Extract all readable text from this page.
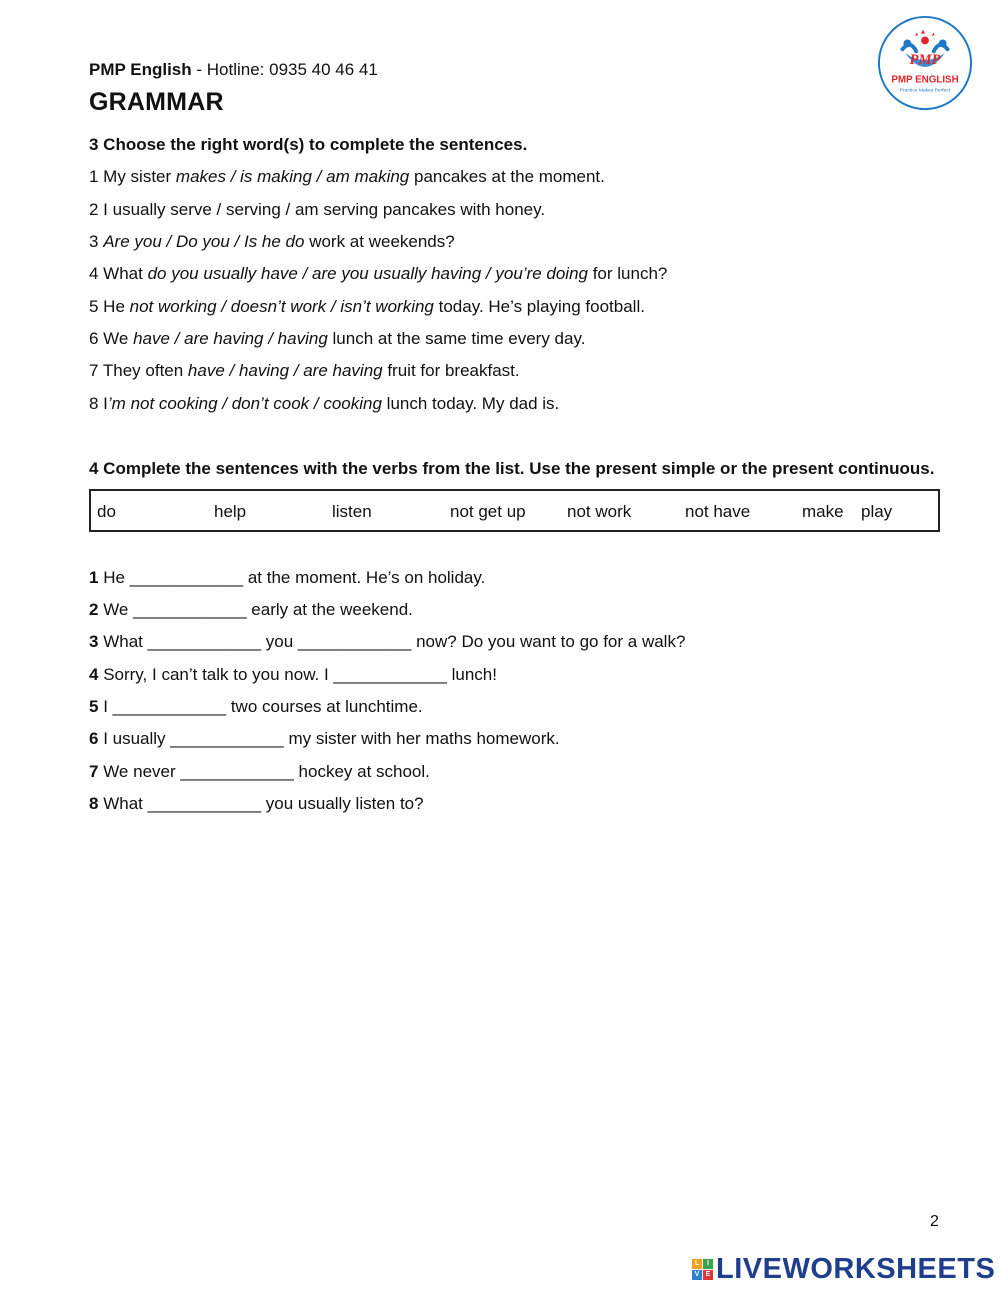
PMP English - Hotline: 0935 40 46 41
GRAMMAR
PMP
PMP ENGLISH
Practice Makes Perfect
3 Choose the right word(s) to complete the sentences.
1 My sister makes / is making / am making pancakes at the moment.
2 I usually serve / serving / am serving pancakes with honey.
3 Are you / Do you / Is he do work at weekends?
4 What do you usually have / are you usually having / you’re doing for lunch?
5 He not working / doesn’t work / isn’t working today. He’s playing football.
6 We have / are having / having lunch at the same time every day.
7 They often have / having / are having fruit for breakfast.
8 I’m not cooking / don’t cook / cooking lunch today. My dad is.
4 Complete the sentences with the verbs from the list. Use the present simple or the present continuous.
do	help	listen	not get up not work	not have	make play
1 He ____________ at the moment. He’s on holiday.
2 We ____________ early at the weekend.
3 What ____________ you ____________ now? Do you want to go for a walk?
4 Sorry, I can’t talk to you now. I ____________ lunch!
5 I ____________ two courses at lunchtime.
6 I usually ____________ my sister with her maths homework.
7 We never ____________ hockey at school.
8 What ____________ you usually listen to?
2
L	I
V E LIVEWORKSHEETS
